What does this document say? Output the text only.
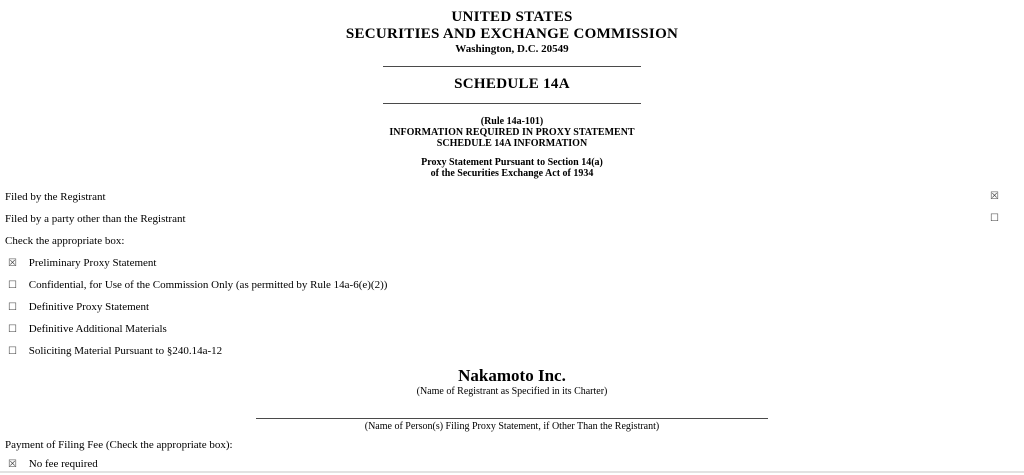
UNITED STATES
SECURITIES AND EXCHANGE COMMISSION
Washington, D.C. 20549
SCHEDULE 14A
(Rule 14a-101)
INFORMATION REQUIRED IN PROXY STATEMENT
SCHEDULE 14A INFORMATION
Proxy Statement Pursuant to Section 14(a)
of the Securities Exchange Act of 1934
Filed by the Registrant	☒
Filed by a party other than the Registrant	☐
Check the appropriate box:
☒ Preliminary Proxy Statement
☐ Confidential, for Use of the Commission Only (as permitted by Rule 14a-6(e)(2))
☐ Definitive Proxy Statement
☐ Definitive Additional Materials
☐ Soliciting Material Pursuant to §240.14a-12
Nakamoto Inc.
(Name of Registrant as Specified in its Charter)
(Name of Person(s) Filing Proxy Statement, if Other Than the Registrant)
Payment of Filing Fee (Check the appropriate box):
☒ No fee required
